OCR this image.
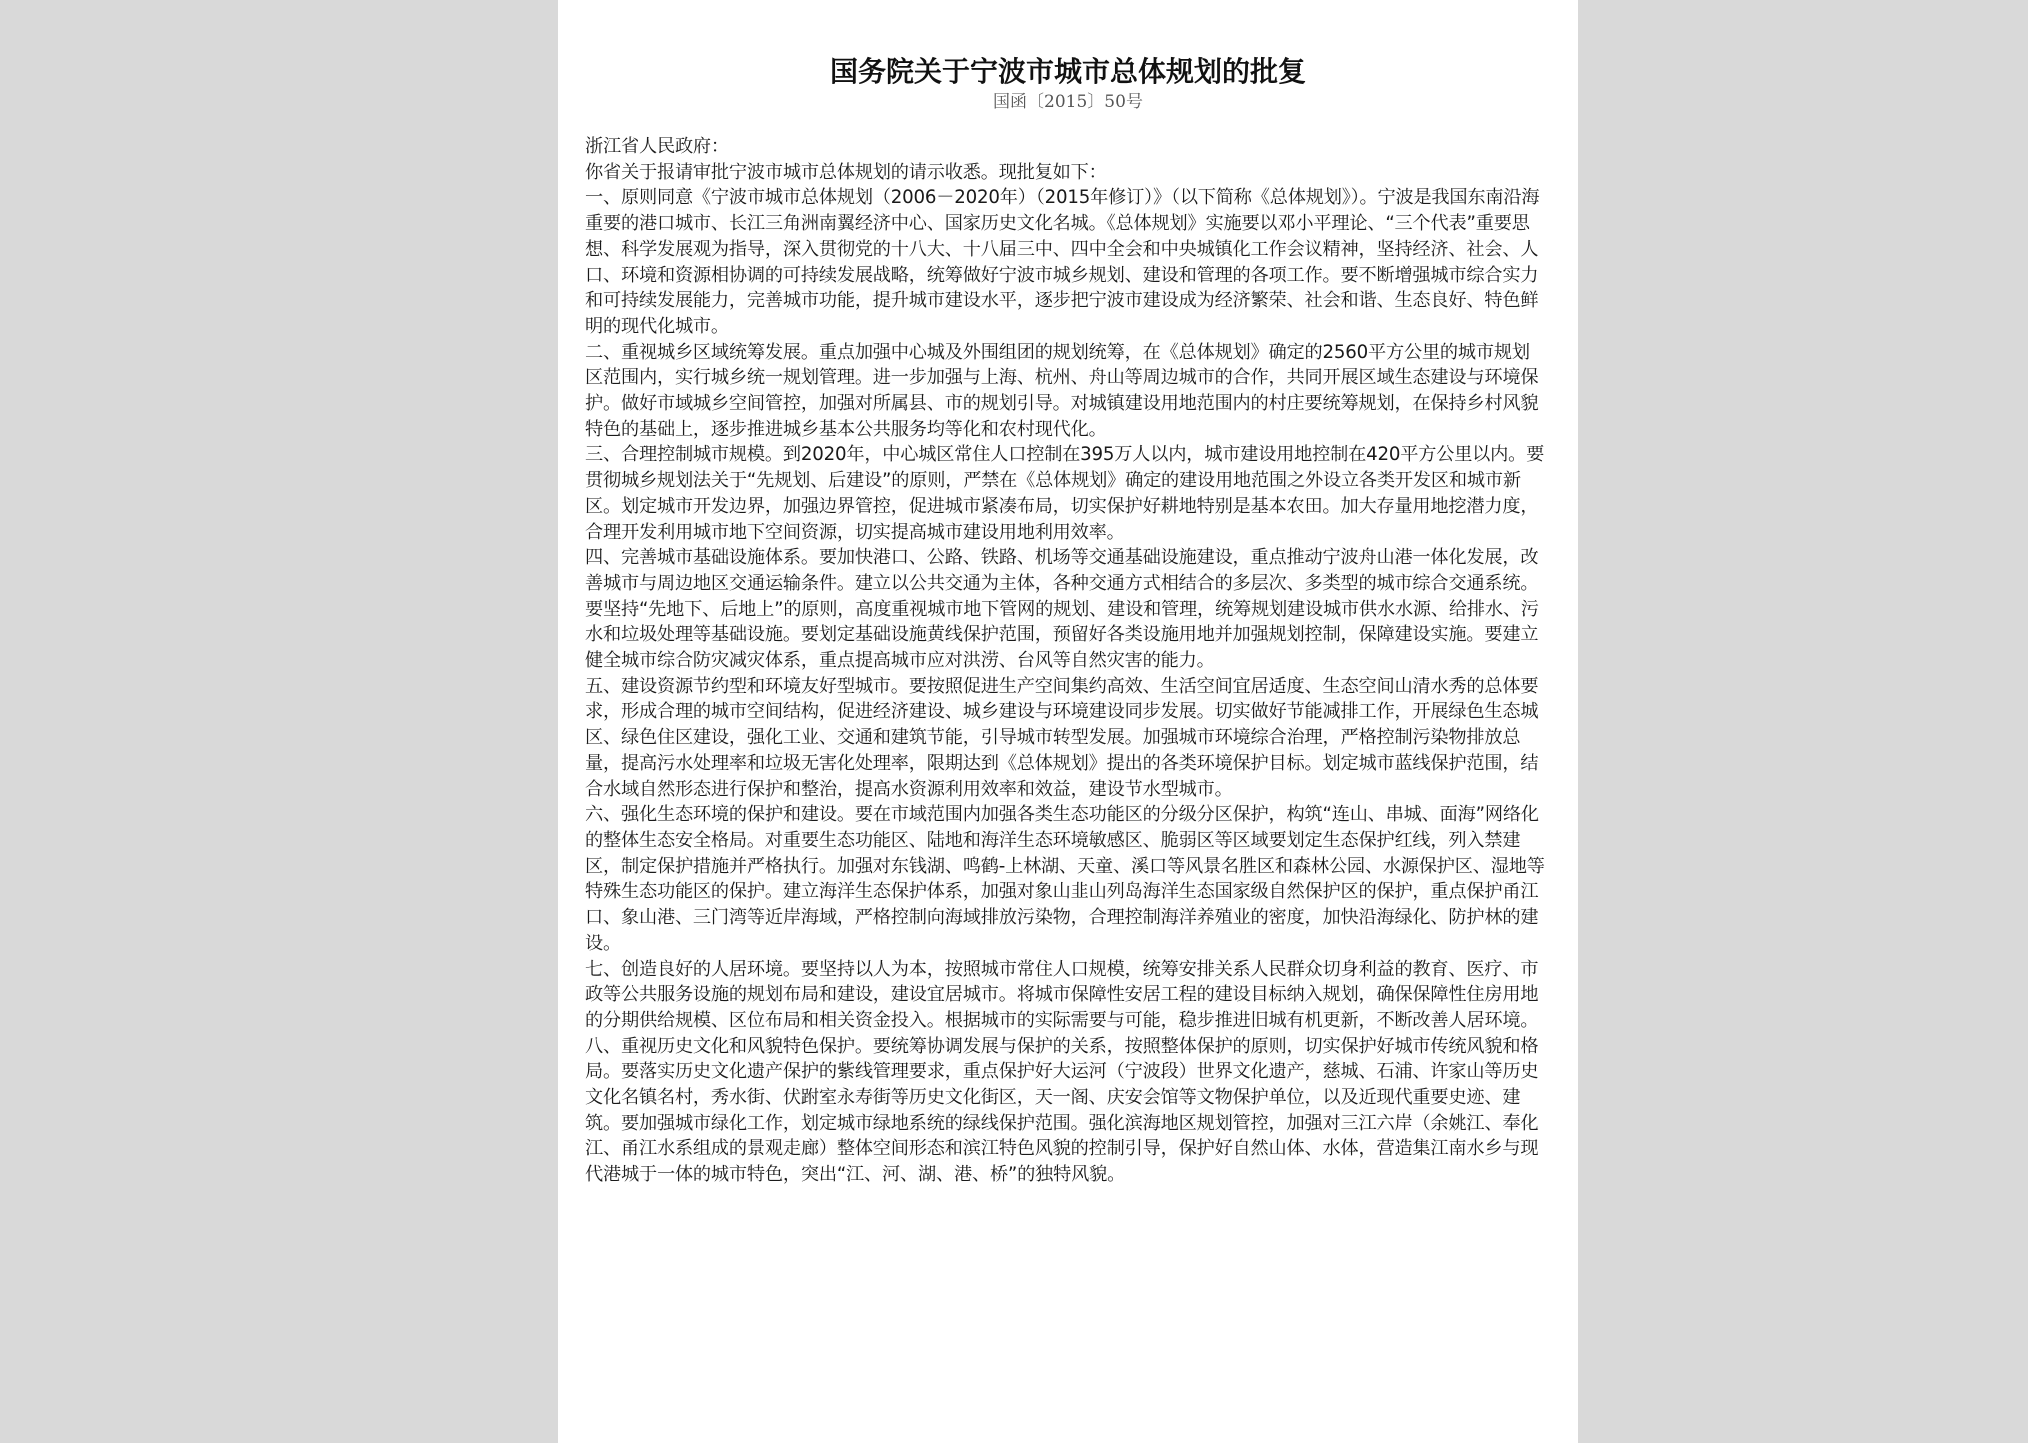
国务院关于宁波市城市总体规划的批复
国函〔2015〕50号

浙江省人民政府：

你省关于报请审批宁波市城市总体规划的请示收悉。现批复如下：

一、原则同意《宁波市城市总体规划（2006－2020年）（2015年修订）》（以下简称《总体规划》）。宁波是我国东南沿海重要的港口城市、长江三角洲南翼经济中心、国家历史文化名城。《总体规划》实施要以邓小平理论、“三个代表”重要思想、科学发展观为指导，深入贯彻党的十八大、十八届三中、四中全会和中央城镇化工作会议精神，坚持经济、社会、人口、环境和资源相协调的可持续发展战略，统筹做好宁波市城乡规划、建设和管理的各项工作。要不断增强城市综合实力和可持续发展能力，完善城市功能，提升城市建设水平，逐步把宁波市建设成为经济繁荣、社会和谐、生态良好、特色鲜明的现代化城市。

二、重视城乡区域统筹发展。重点加强中心城及外围组团的规划统筹，在《总体规划》确定的2560平方公里的城市规划区范围内，实行城乡统一规划管理。进一步加强与上海、杭州、舟山等周边城市的合作，共同开展区域生态建设与环境保护。做好市域城乡空间管控，加强对所属县、市的规划引导。对城镇建设用地范围内的村庄要统筹规划，在保持乡村风貌特色的基础上，逐步推进城乡基本公共服务均等化和农村现代化。

三、合理控制城市规模。到2020年，中心城区常住人口控制在395万人以内，城市建设用地控制在420平方公里以内。要贯彻城乡规划法关于“先规划、后建设”的原则，严禁在《总体规划》确定的建设用地范围之外设立各类开发区和城市新区。划定城市开发边界，加强边界管控，促进城市紧凑布局，切实保护好耕地特别是基本农田。加大存量用地挖潜力度，合理开发利用城市地下空间资源，切实提高城市建设用地利用效率。

四、完善城市基础设施体系。要加快港口、公路、铁路、机场等交通基础设施建设，重点推动宁波舟山港一体化发展，改善城市与周边地区交通运输条件。建立以公共交通为主体，各种交通方式相结合的多层次、多类型的城市综合交通系统。要坚持“先地下、后地上”的原则，高度重视城市地下管网的规划、建设和管理，统筹规划建设城市供水水源、给排水、污水和垃圾处理等基础设施。要划定基础设施黄线保护范围，预留好各类设施用地并加强规划控制，保障建设实施。要建立健全城市综合防灾减灾体系，重点提高城市应对洪涝、台风等自然灾害的能力。

五、建设资源节约型和环境友好型城市。要按照促进生产空间集约高效、生活空间宜居适度、生态空间山清水秀的总体要求，形成合理的城市空间结构，促进经济建设、城乡建设与环境建设同步发展。切实做好节能减排工作，开展绿色生态城区、绿色住区建设，强化工业、交通和建筑节能，引导城市转型发展。加强城市环境综合治理，严格控制污染物排放总量，提高污水处理率和垃圾无害化处理率，限期达到《总体规划》提出的各类环境保护目标。划定城市蓝线保护范围，结合水域自然形态进行保护和整治，提高水资源利用效率和效益，建设节水型城市。

六、强化生态环境的保护和建设。要在市域范围内加强各类生态功能区的分级分区保护，构筑“连山、串城、面海”网络化的整体生态安全格局。对重要生态功能区、陆地和海洋生态环境敏感区、脆弱区等区域要划定生态保护红线，列入禁建区，制定保护措施并严格执行。加强对东钱湖、鸣鹤-上林湖、天童、溪口等风景名胜区和森林公园、水源保护区、湿地等特殊生态功能区的保护。建立海洋生态保护体系，加强对象山韭山列岛海洋生态国家级自然保护区的保护，重点保护甬江口、象山港、三门湾等近岸海域，严格控制向海域排放污染物，合理控制海洋养殖业的密度，加快沿海绿化、防护林的建设。

七、创造良好的人居环境。要坚持以人为本，按照城市常住人口规模，统筹安排关系人民群众切身利益的教育、医疗、市政等公共服务设施的规划布局和建设，建设宜居城市。将城市保障性安居工程的建设目标纳入规划，确保保障性住房用地的分期供给规模、区位布局和相关资金投入。根据城市的实际需要与可能，稳步推进旧城有机更新，不断改善人居环境。

八、重视历史文化和风貌特色保护。要统筹协调发展与保护的关系，按照整体保护的原则，切实保护好城市传统风貌和格局。要落实历史文化遗产保护的紫线管理要求，重点保护好大运河（宁波段）世界文化遗产，慈城、石浦、许家山等历史文化名镇名村，秀水街、伏跗室永寿街等历史文化街区，天一阁、庆安会馆等文物保护单位，以及近现代重要史迹、建筑。要加强城市绿化工作，划定城市绿地系统的绿线保护范围。强化滨海地区规划管控，加强对三江六岸（余姚江、奉化江、甬江水系组成的景观走廊）整体空间形态和滨江特色风貌的控制引导，保护好自然山体、水体，营造集江南水乡与现代港城于一体的城市特色，突出“江、河、湖、港、桥”的独特风貌。
